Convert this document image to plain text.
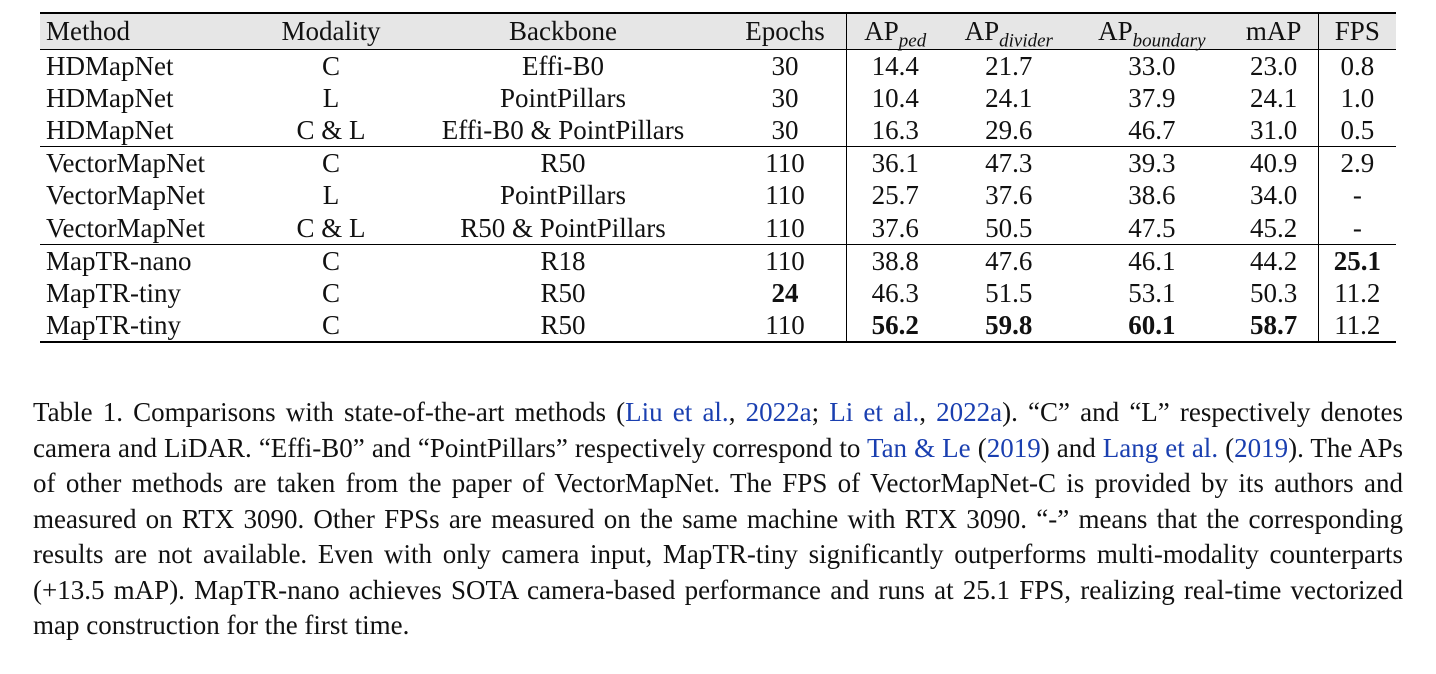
Method	Modality	Backbone	Epochs	$AP_{ped}$	$AP_{divider}$	$AP_{boundary}$	mAP	FPS
HDMapNet	C	Effi-B0	30	14.4	21.7	33.0	23.0	0.8
HDMapNet	L	PointPillars	30	10.4	24.1	37.9	24.1	1.0
HDMapNet	C & L	Effi-B0 & PointPillars	30	16.3	29.6	46.7	31.0	0.5
VectorMapNet	C	R50	110	36.1	47.3	39.3	40.9	2.9
VectorMapNet	L	PointPillars	110	25.7	37.6	38.6	34.0	-
VectorMapNet	C & L	R50 & PointPillars	110	37.6	50.5	47.5	45.2	-
MapTR-nano	C	R18	110	38.8	47.6	46.1	44.2	25.1
MapTR-tiny	C	R50	24	46.3	51.5	53.1	50.3	11.2
MapTR-tiny	C	R50	110	56.2	59.8	60.1	58.7	11.2

Table 1. Comparisons with state-of-the-art methods (Liu et al., 2022a; Li et al., 2022a). “C” and “L” respectively denotes camera and LiDAR. “Effi-B0” and “PointPillars” respectively correspond to Tan & Le (2019) and Lang et al. (2019). The APs of other methods are taken from the paper of VectorMapNet. The FPS of VectorMapNet-C is provided by its authors and measured on RTX 3090. Other FPSs are measured on the same machine with RTX 3090. “-” means that the corresponding results are not available. Even with only camera input, MapTR-tiny significantly outperforms multi-modality counterparts (+13.5 mAP). MapTR-nano achieves SOTA camera-based performance and runs at 25.1 FPS, realizing real-time vectorized map construction for the first time.
